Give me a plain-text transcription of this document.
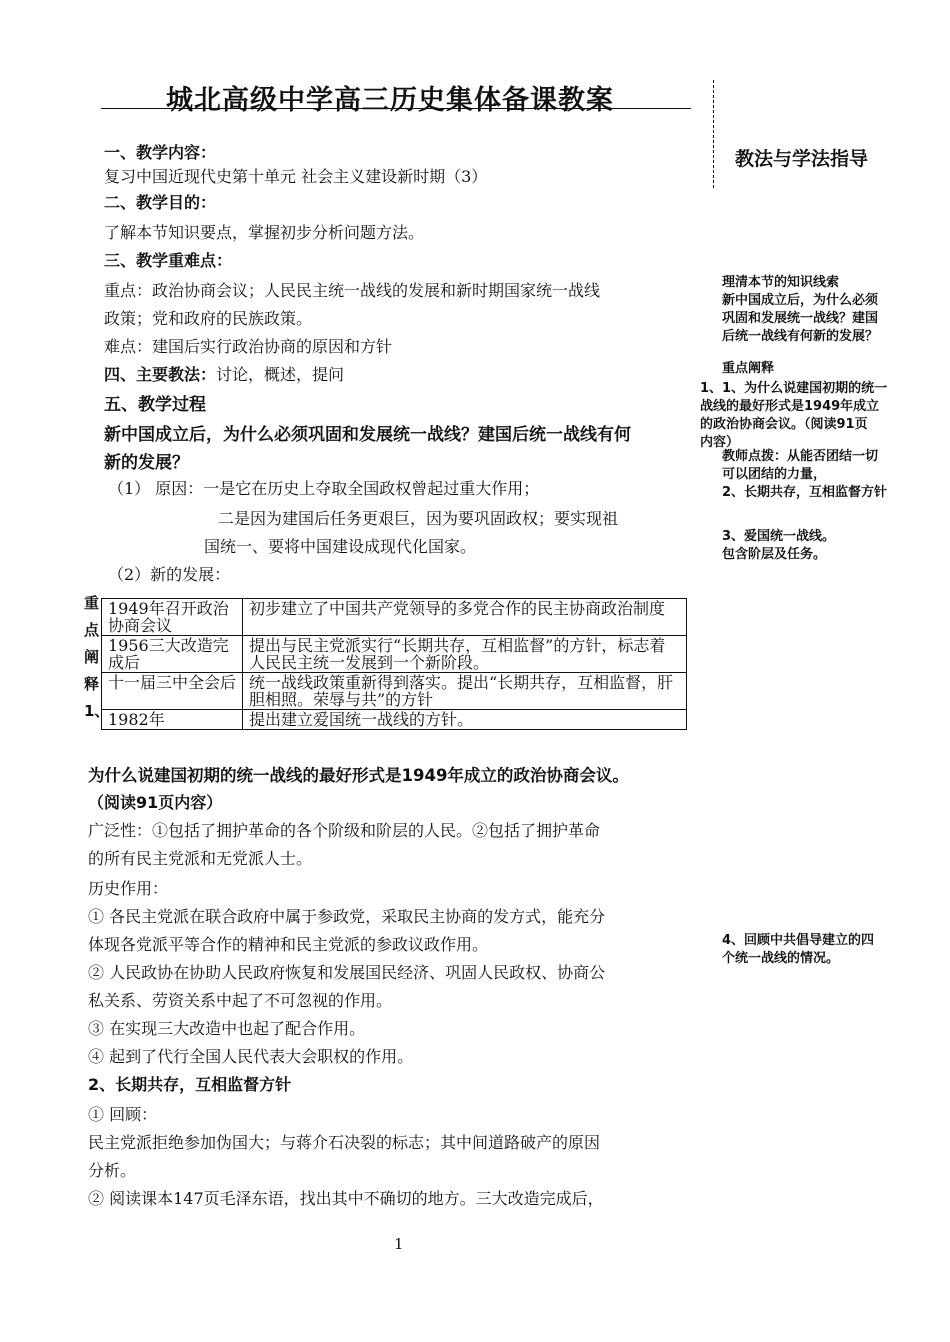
城北高级中学高三历史集体备课教案
教法与学法指导
一、教学内容：
复习中国近现代史第十单元 社会主义建设新时期（3）
二、教学目的：
了解本节知识要点，掌握初步分析问题方法。
三、教学重难点：
重点：政治协商会议；人民民主统一战线的发展和新时期国家统一战线
政策；党和政府的民族政策。
难点：建国后实行政治协商的原因和方针
四、主要教法：讨论，概述，提问
五、教学过程
新中国成立后，为什么必须巩固和发展统一战线？建国后统一战线有何
新的发展？
（1） 原因：一是它在历史上夺取全国政权曾起过重大作用；
二是因为建国后任务更艰巨，因为要巩固政权；要实现祖
国统一、要将中国建设成现代化国家。
（2）新的发展：
重点阐释1、
1949年召开政治协商会议	初步建立了中国共产党领导的多党合作的民主协商政治制度
1956三大改造完成后	提出与民主党派实行“长期共存，互相监督”的方针，标志着人民民主统一发展到一个新阶段。
十一届三中全会后	统一战线政策重新得到落实。提出“长期共存，互相监督，肝胆相照。荣辱与共”的方针
1982年	提出建立爱国统一战线的方针。
为什么说建国初期的统一战线的最好形式是1949年成立的政治协商会议。
（阅读91页内容）
广泛性：①包括了拥护革命的各个阶级和阶层的人民。②包括了拥护革命
的所有民主党派和无党派人士。
历史作用：
① 各民主党派在联合政府中属于参政党，采取民主协商的发方式，能充分
体现各党派平等合作的精神和民主党派的参政议政作用。
② 人民政协在协助人民政府恢复和发展国民经济、巩固人民政权、协商公
私关系、劳资关系中起了不可忽视的作用。
③ 在实现三大改造中也起了配合作用。
④ 起到了代行全国人民代表大会职权的作用。
2、长期共存，互相监督方针
① 回顾：
民主党派拒绝参加伪国大；与蒋介石决裂的标志；其中间道路破产的原因
分析。
② 阅读课本147页毛泽东语，找出其中不确切的地方。三大改造完成后，
1
理清本节的知识线索
新中国成立后，为什么必须
巩固和发展统一战线？建国
后统一战线有何新的发展？
重点阐释
1、1、为什么说建国初期的统一
战线的最好形式是1949年成立
的政治协商会议。（阅读91页
内容）
教师点拨：从能否团结一切
可以团结的力量，
2、长期共存，互相监督方针
3、爱国统一战线。
包含阶层及任务。
4、回顾中共倡导建立的四
个统一战线的情况。
